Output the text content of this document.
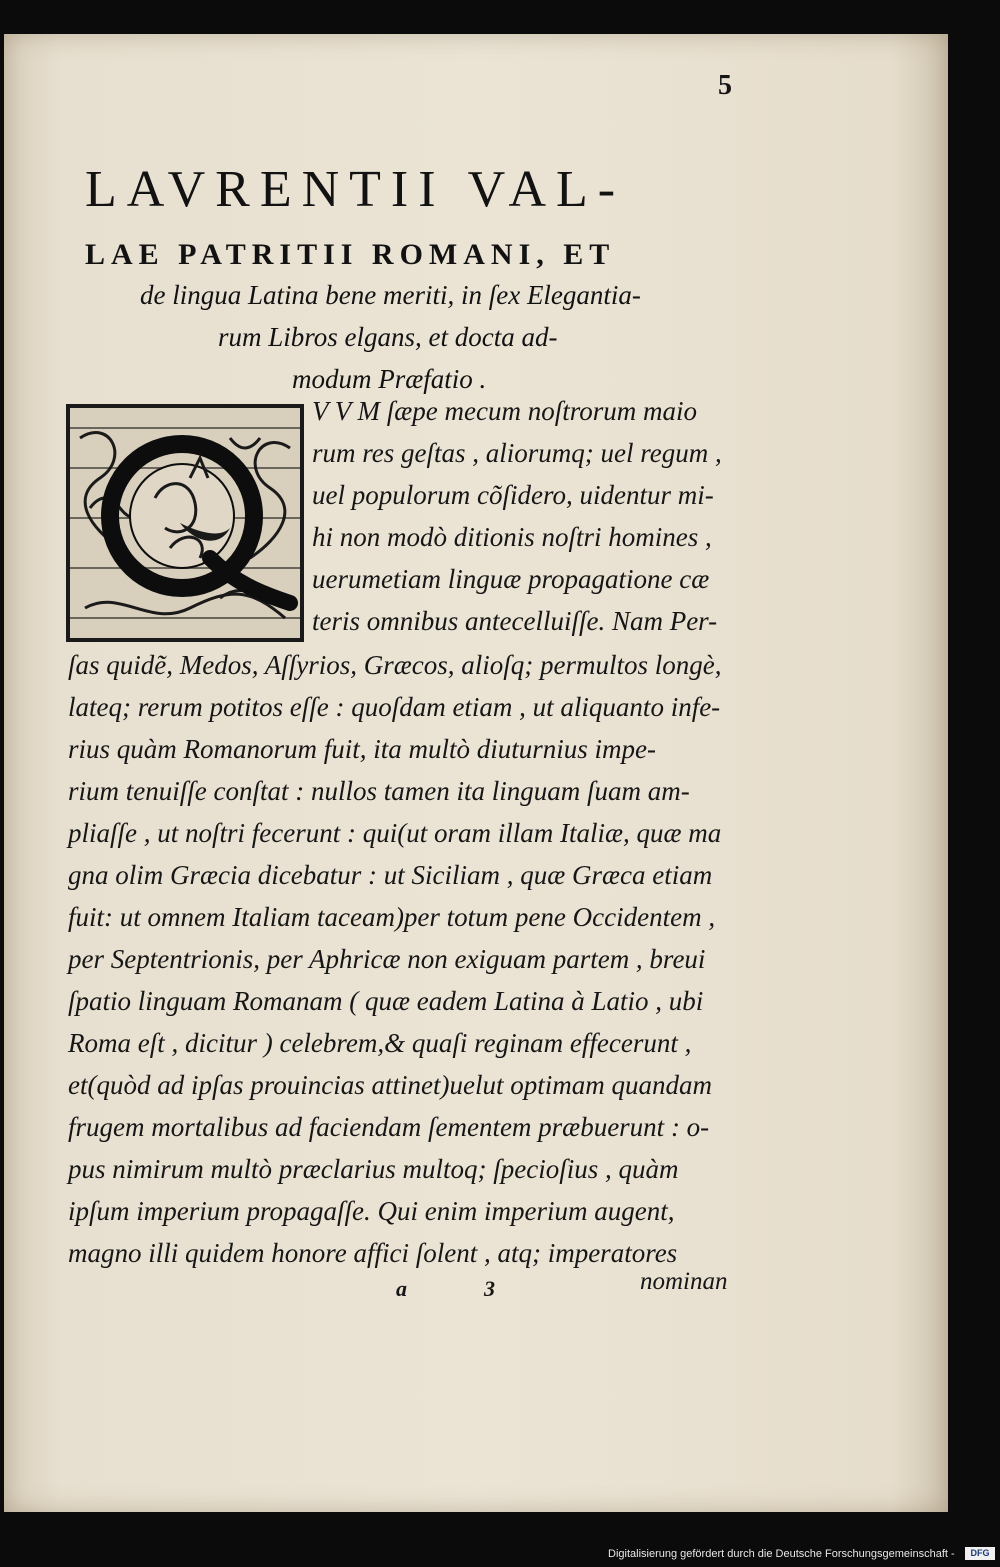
5
LAVRENTII VAL-
LAE PATRITII ROMANI, ET
de lingua Latina bene meriti, in ſex Elegantia-
rum Libros elgans, et docta ad-
modum Præfatio .
V V M ſæpe mecum noſtrorum maio
rum res geſtas , aliorumq; uel regum ,
uel populorum cõſidero, uidentur mi-
hi non modò ditionis noſtri homines ,
uerumetiam linguæ propagatione cæ
teris omnibus antecelluiſſe. Nam Per-
ſas quidẽ, Medos, Aſſyrios, Græcos, alioſq; permultos longè,
lateq; rerum potitos eſſe : quoſdam etiam , ut aliquanto infe-
rius quàm Romanorum fuit, ita multò diuturnius impe-
rium tenuiſſe conſtat : nullos tamen ita linguam ſuam am-
pliaſſe , ut noſtri fecerunt : qui(ut oram illam Italiæ, quæ ma
gna olim Græcia dicebatur : ut Siciliam , quæ Græca etiam
fuit: ut omnem Italiam taceam)per totum pene Occidentem ,
per Septentrionis, per Aphricæ non exiguam partem , breui
ſpatio linguam Romanam ( quæ eadem Latina à Latio , ubi
Roma eſt , dicitur ) celebrem,& quaſi reginam effecerunt ,
et(quòd ad ipſas prouincias attinet)uelut optimam quandam
frugem mortalibus ad faciendam ſementem præbuerunt : o-
pus nimirum multò præclarius multoq; ſpecioſius , quàm
ipſum imperium propagaſſe. Qui enim imperium augent,
magno illi quidem honore affici ſolent , atq; imperatores
a	3	nominan
Digitalisierung gefördert durch die Deutsche Forschungsgemeinschaft -	DFG
